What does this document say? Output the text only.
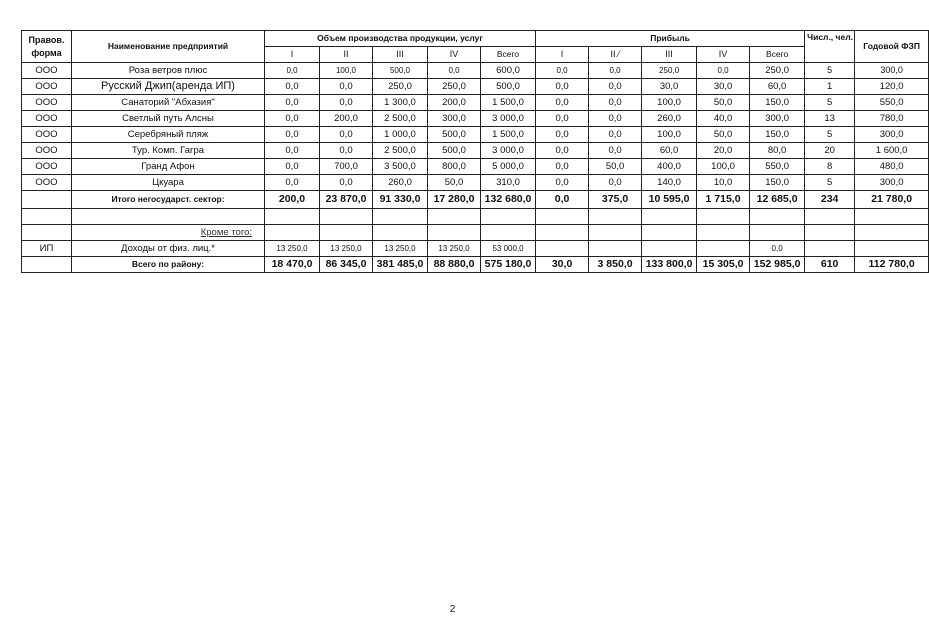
Правов. форма	Наименование предприятий	Объем производства продукции, услуг					Прибыль					Числ., чел.	Годовой ФЗП
		I	II	III	IV	Всего	I	II ⁄	III	IV	Всего		
ООО	Роза ветров плюс	0,0	100,0	500,0	0,0	600,0	0,0	0,0	250,0	0,0	250,0	5	300,0
ООО	Русский Джип(аренда ИП)	0,0	0,0	250,0	250,0	500,0	0,0	0,0	30,0	30,0	60,0	1	120,0
ООО	Санаторий "Абхазия"	0,0	0,0	1 300,0	200,0	1 500,0	0,0	0,0	100,0	50,0	150,0	5	550,0
ООО	Светлый путь Алсны	0,0	200,0	2 500,0	300,0	3 000,0	0,0	0,0	260,0	40,0	300,0	13	780,0
ООО	Серебряный пляж	0,0	0,0	1 000,0	500,0	1 500,0	0,0	0,0	100,0	50,0	150,0	5	300,0
ООО	Тур. Комп. Гагра	0,0	0,0	2 500,0	500,0	3 000,0	0,0	0,0	60,0	20,0	80,0	20	1 600,0
ООО	Гранд Афон	0,0	700,0	3 500,0	800,0	5 000,0	0,0	50,0	400,0	100,0	550,0	8	480,0
ООО	Цкуара	0,0	0,0	260,0	50,0	310,0	0,0	0,0	140,0	10,0	150,0	5	300,0
	Итого негосударст. сектор:	200,0	23 870,0	91 330,0	17 280,0	132 680,0	0,0	375,0	10 595,0	1 715,0	12 685,0	234	21 780,0

	Кроме того:												
ИП	Доходы от физ. лиц.*	13 250,0	13 250,0	13 250,0	13 250,0	53 000,0					0,0		
	Всего по району:	18 470,0	86 345,0	381 485,0	88 880,0	575 180,0	30,0	3 850,0	133 800,0	15 305,0	152 985,0	610	112 780,0
2
